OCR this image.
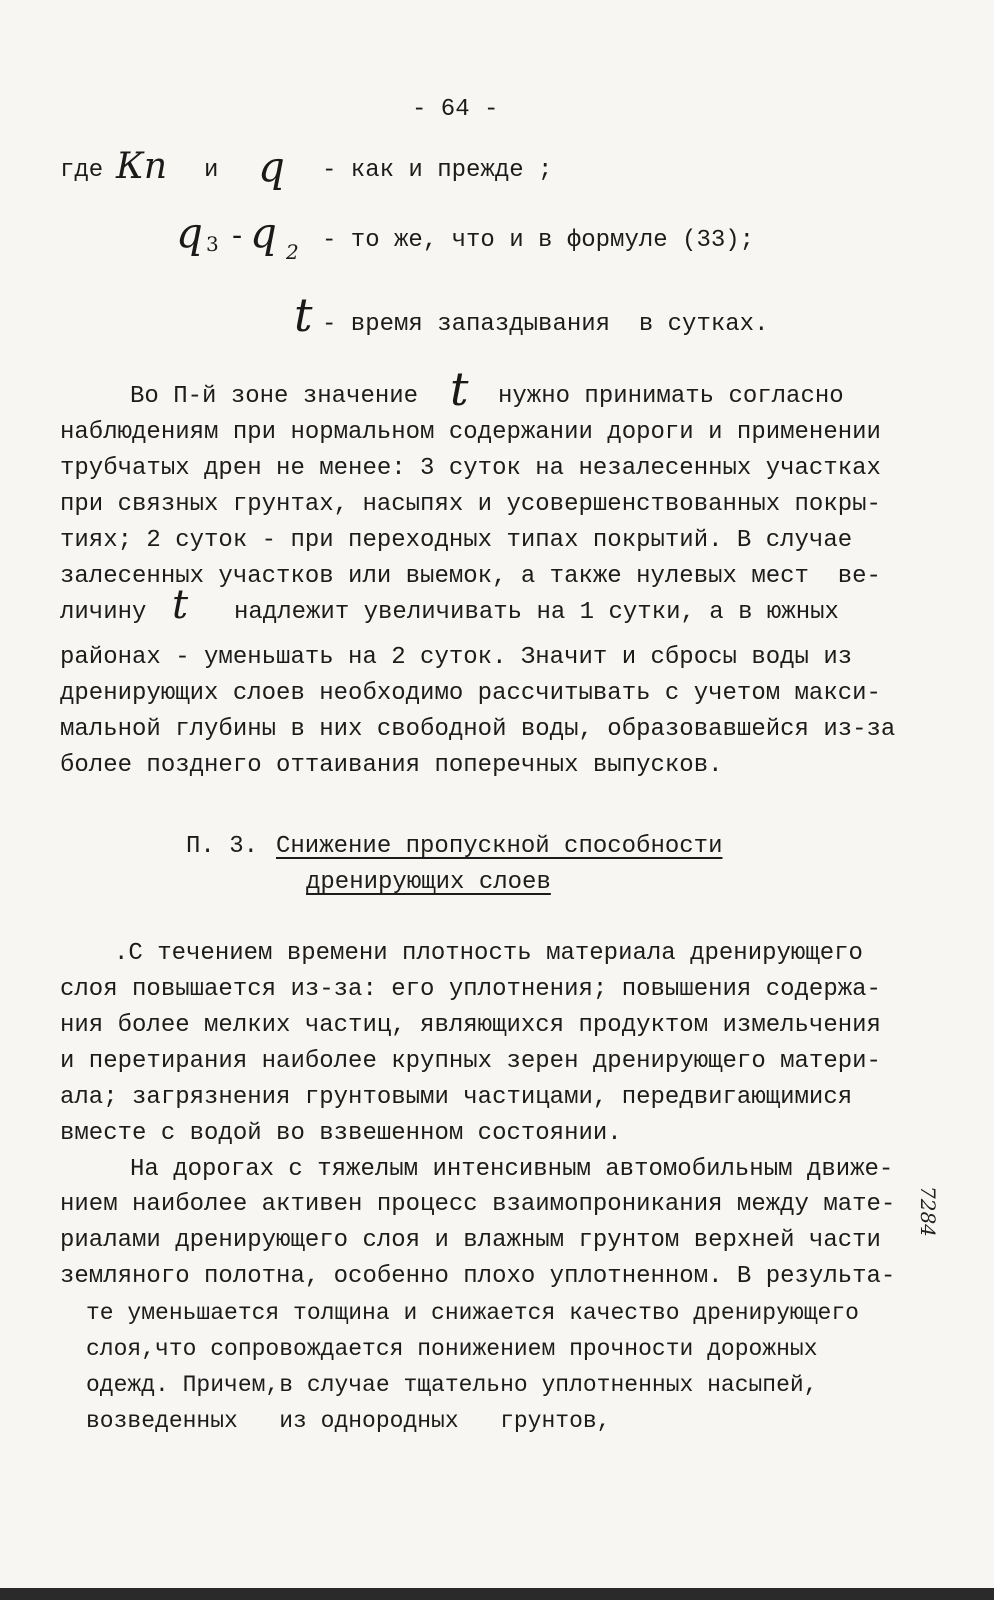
- 64 -
где Кп и q - как и прежде ;
q 3 - q 2 - то же, что и в формуле (33);
t - время запаздывания  в сутках.
Во П-й зоне значение t нужно принимать согласно
наблюдениям при нормальном содержании дороги и применении
трубчатых дрен не менее: 3 суток на незалесенных участках
при связных грунтах, насыпях и усовершенствованных покры-
тиях; 2 суток - при переходных типах покрытий. В случае
залесенных участков или выемок, а также нулевых мест  ве-
личину t надлежит увеличивать на 1 сутки, а в южных
районах - уменьшать на 2 суток. Значит и сбросы воды из
дренирующих слоев необходимо рассчитывать с учетом макси-
мальной глубины в них свободной воды, образовавшейся из-за
более позднего оттаивания поперечных выпусков.
П. 3. Снижение пропускной способности
дренирующих слоев
.С течением времени плотность материала дренирующего
слоя повышается из-за: его уплотнения; повышения содержа-
ния более мелких частиц, являющихся продуктом измельчения
и перетирания наиболее крупных зерен дренирующего матери-
ала; загрязнения грунтовыми частицами, передвигающимися
вместе с водой во взвешенном состоянии.
На дорогах с тяжелым интенсивным автомобильным движе-
нием наиболее активен процесс взаимопроникания между мате-
риалами дренирующего слоя и влажным грунтом верхней части
земляного полотна, особенно плохо уплотненном. В результа-
те уменьшается толщина и снижается качество дренирующего
слоя,что сопровождается понижением прочности дорожных
одежд. Причем,в случае тщательно уплотненных насыпей,
возведенных   из однородных   грунтов,
7284
